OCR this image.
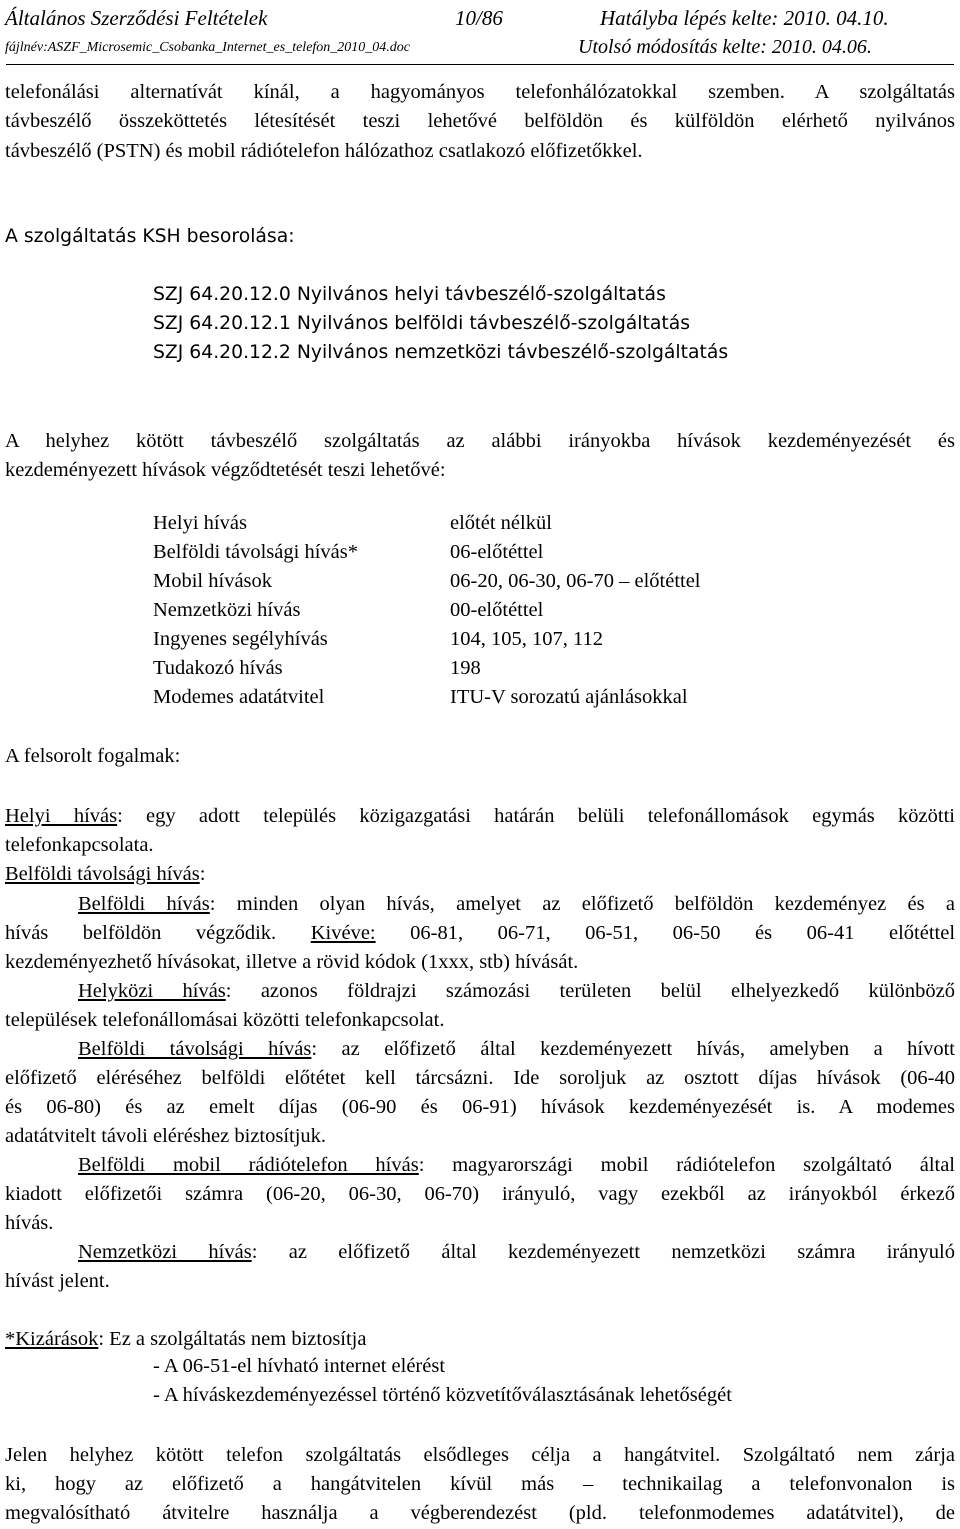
Általános Szerződési Feltételek	10/86	Hatályba lépés kelte: 2010. 04.10.
fájlnév:ASZF_Microsemic_Csobanka_Internet_es_telefon_2010_04.doc	Utolsó módosítás kelte: 2010. 04.06.
telefonálási alternatívát kínál, a hagyományos telefonhálózatokkal szemben. A szolgáltatás
távbeszélő összeköttetés létesítését teszi lehetővé belföldön és külföldön elérhető nyilvános
távbeszélő (PSTN) és mobil rádiótelefon hálózathoz csatlakozó előfizetőkkel.
A szolgáltatás KSH besorolása:
SZJ 64.20.12.0 Nyilvános helyi távbeszélő-szolgáltatás
SZJ 64.20.12.1 Nyilvános belföldi távbeszélő-szolgáltatás
SZJ 64.20.12.2 Nyilvános nemzetközi távbeszélő-szolgáltatás
A helyhez kötött távbeszélő szolgáltatás az alábbi irányokba hívások kezdeményezését és
kezdeményezett hívások végződtetését teszi lehetővé:
Helyi hívás	előtét nélkül
Belföldi távolsági hívás*	06-előtéttel
Mobil hívások	06-20, 06-30, 06-70 – előtéttel
Nemzetközi hívás	00-előtéttel
Ingyenes segélyhívás	104, 105, 107, 112
Tudakozó hívás	198
Modemes adatátvitel	ITU-V sorozatú ajánlásokkal
A felsorolt fogalmak:
Helyi hívás: egy adott település közigazgatási határán belüli telefonállomások egymás közötti
telefonkapcsolata.
Belföldi távolsági hívás:
Belföldi hívás: minden olyan hívás, amelyet az előfizető belföldön kezdeményez és a
hívás belföldön végződik. Kivéve: 06-81, 06-71, 06-51, 06-50 és 06-41 előtéttel
kezdeményezhető hívásokat, illetve a rövid kódok (1xxx, stb) hívását.
Helyközi hívás: azonos földrajzi számozási területen belül elhelyezkedő különböző
települések telefonállomásai közötti telefonkapcsolat.
Belföldi távolsági hívás: az előfizető által kezdeményezett hívás, amelyben a hívott
előfizető eléréséhez belföldi előtétet kell tárcsázni. Ide soroljuk az osztott díjas hívások (06-40
és 06-80) és az emelt díjas (06-90 és 06-91) hívások kezdeményezését is. A modemes
adatátvitelt távoli eléréshez biztosítjuk.
Belföldi mobil rádiótelefon hívás: magyarországi mobil rádiótelefon szolgáltató által
kiadott előfizetői számra (06-20, 06-30, 06-70) irányuló, vagy ezekből az irányokból érkező
hívás.
Nemzetközi hívás: az előfizető által kezdeményezett nemzetközi számra irányuló
hívást jelent.
*Kizárások: Ez a szolgáltatás nem biztosítja
- A 06-51-el hívható internet elérést
- A híváskezdeményezéssel történő közvetítőválasztásának lehetőségét
Jelen helyhez kötött telefon szolgáltatás elsődleges célja a hangátvitel. Szolgáltató nem zárja
ki, hogy az előfizető a hangátvitelen kívül más – technikailag a telefonvonalon is
megvalósítható átvitelre használja a végberendezést (pld. telefonmodemes adatátvitel), de
